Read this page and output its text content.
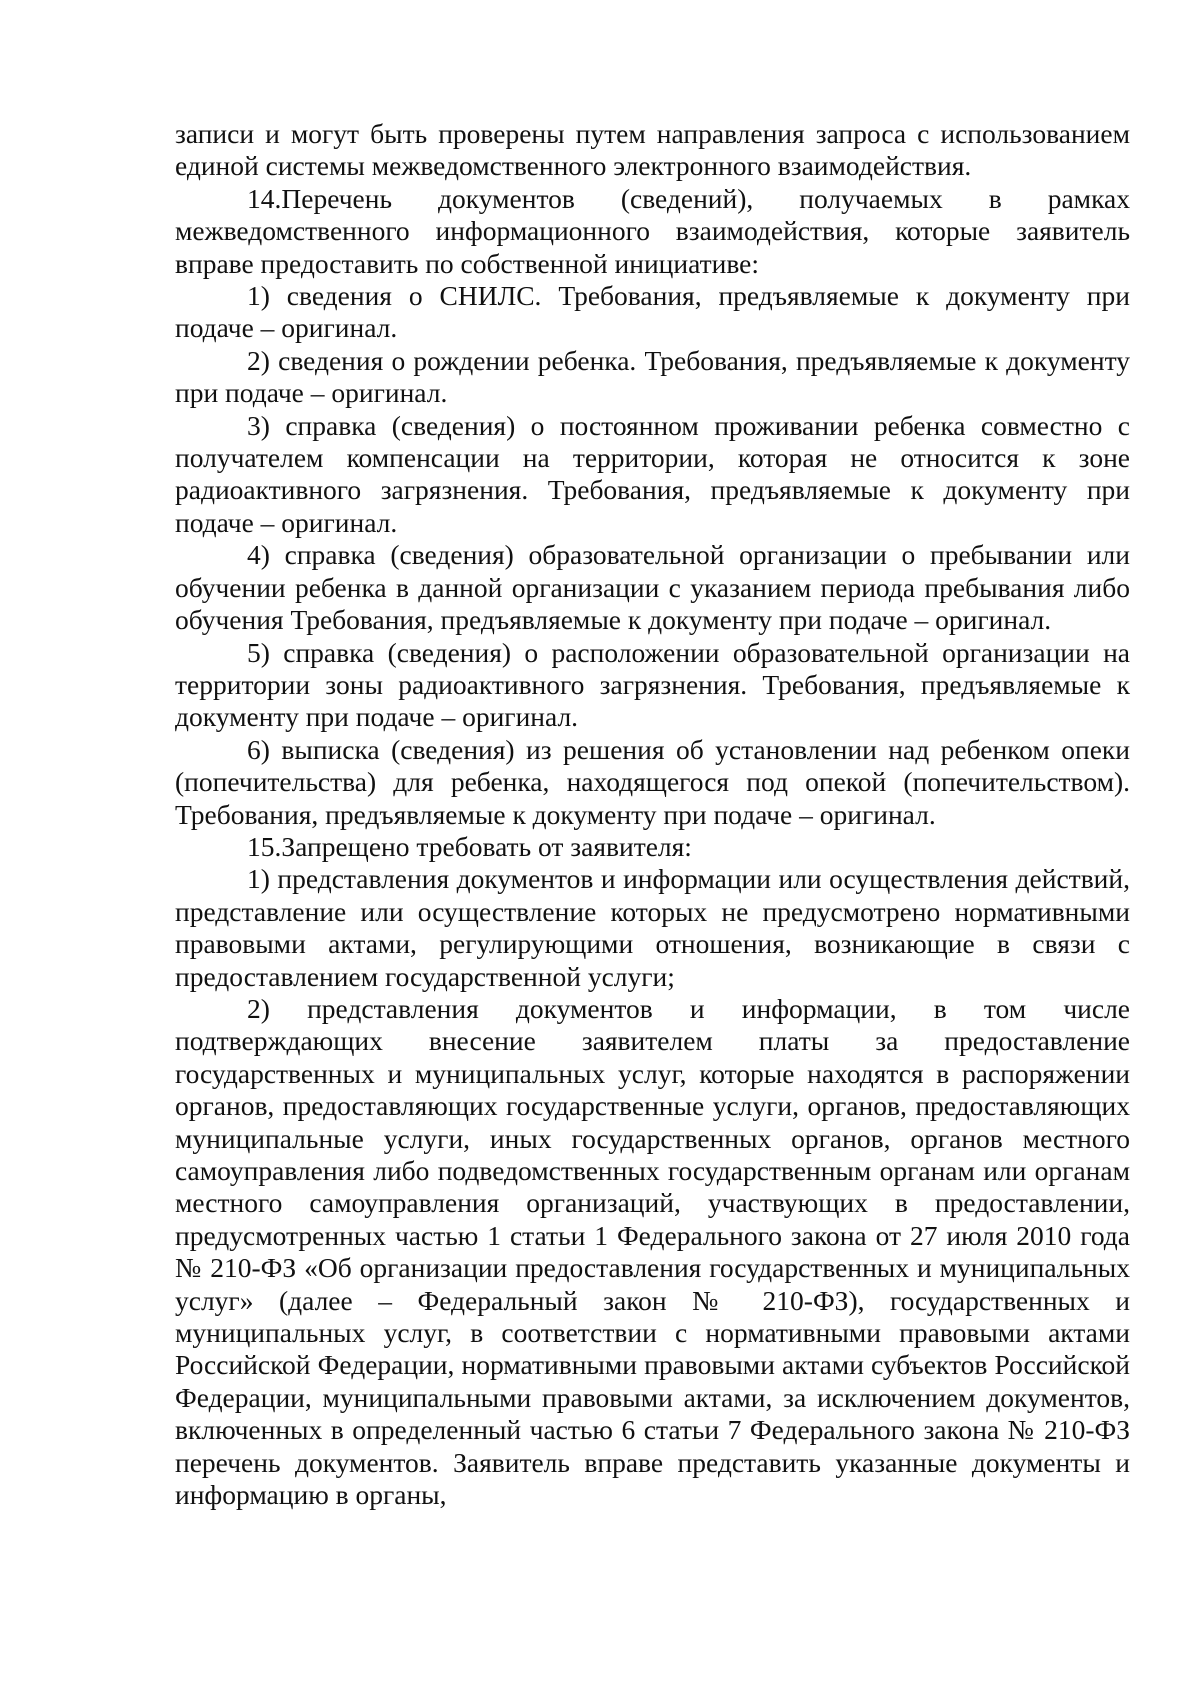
записи и могут быть проверены путем направления запроса с использованием единой системы межведомственного электронного взаимодействия.

14.Перечень документов (сведений), получаемых в рамках межведомственного информационного взаимодействия, которые заявитель вправе предоставить по собственной инициативе:

1) сведения о СНИЛС. Требования, предъявляемые к документу при подаче – оригинал.

2) сведения о рождении ребенка. Требования, предъявляемые к документу при подаче – оригинал.

3) справка (сведения) о постоянном проживании ребенка совместно с получателем компенсации на территории, которая не относится к зоне радиоактивного загрязнения. Требования, предъявляемые к документу при подаче – оригинал.

4) справка (сведения) образовательной организации о пребывании или обучении ребенка в данной организации с указанием периода пребывания либо обучения Требования, предъявляемые к документу при подаче – оригинал.

5) справка (сведения) о расположении образовательной организации на территории зоны радиоактивного загрязнения. Требования, предъявляемые к документу при подаче – оригинал.

6) выписка (сведения) из решения об установлении над ребенком опеки (попечительства) для ребенка, находящегося под опекой (попечительством). Требования, предъявляемые к документу при подаче – оригинал.

15.Запрещено требовать от заявителя:

1) представления документов и информации или осуществления действий, представление или осуществление которых не предусмотрено нормативными правовыми актами, регулирующими отношения, возникающие в связи с предоставлением государственной услуги;

2) представления документов и информации, в том числе подтверждающих внесение заявителем платы за предоставление государственных и муниципальных услуг, которые находятся в распоряжении органов, предоставляющих государственные услуги, органов, предоставляющих муниципальные услуги, иных государственных органов, органов местного самоуправления либо подведомственных государственным органам или органам местного самоуправления организаций, участвующих в предоставлении, предусмотренных частью 1 статьи 1 Федерального закона от 27 июля 2010 года № 210-ФЗ «Об организации предоставления государственных и муниципальных услуг» (далее – Федеральный закон № 210-ФЗ), государственных и муниципальных услуг, в соответствии с нормативными правовыми актами Российской Федерации, нормативными правовыми актами субъектов Российской Федерации, муниципальными правовыми актами, за исключением документов, включенных в определенный частью 6 статьи 7 Федерального закона № 210-ФЗ перечень документов. Заявитель вправе представить указанные документы и информацию в органы,
